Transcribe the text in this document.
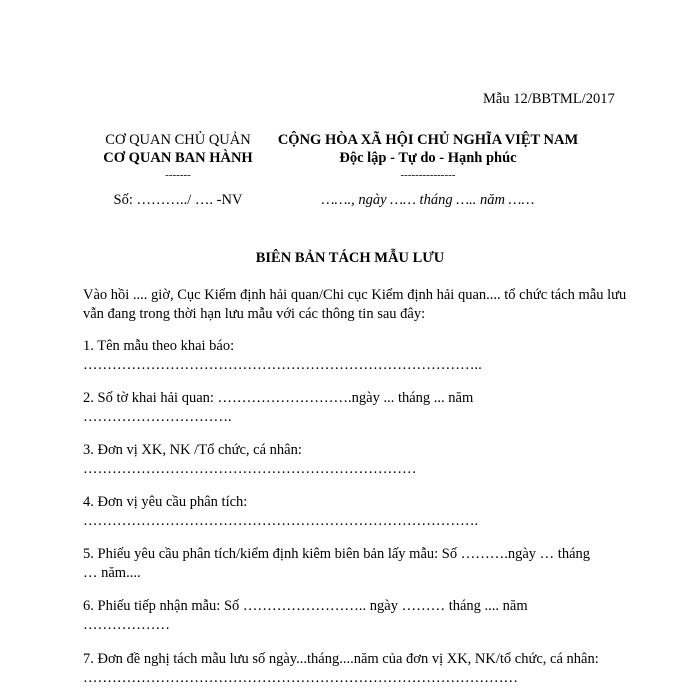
Mẫu 12/BBTML/2017
CƠ QUAN CHỦ QUẢN
CƠ QUAN BAN HÀNH
-------
Số: ………../ …. -NV
CỘNG HÒA XÃ HỘI CHỦ NGHĨA VIỆT NAM
Độc lập - Tự do - Hạnh phúc
---------------
……., ngày …… tháng ….. năm ……
BIÊN BẢN TÁCH MẪU LƯU
Vào hồi .... giờ, Cục Kiểm định hải quan/Chi cục Kiểm định hải quan.... tổ chức tách mẫu lưu vẫn đang trong thời hạn lưu mẫu với các thông tin sau đây:
1. Tên mẫu theo khai báo:
………………………………………………………………………..
2. Số tờ khai hải quan: ……………………….ngày ... tháng ... năm
………………………….
3. Đơn vị XK, NK /Tổ chức, cá nhân:
……………………………………………………………
4. Đơn vị yêu cầu phân tích:
……………………………………………………………………….
5. Phiếu yêu cầu phân tích/kiểm định kiêm biên bản lấy mẫu: Số ……….ngày … tháng
… năm....
6. Phiếu tiếp nhận mẫu: Số …………………….. ngày ……… tháng .... năm
………………
7. Đơn đề nghị tách mẫu lưu số ngày...tháng....năm của đơn vị XK, NK/tổ chức, cá nhân:
………………………………………………………………………………
